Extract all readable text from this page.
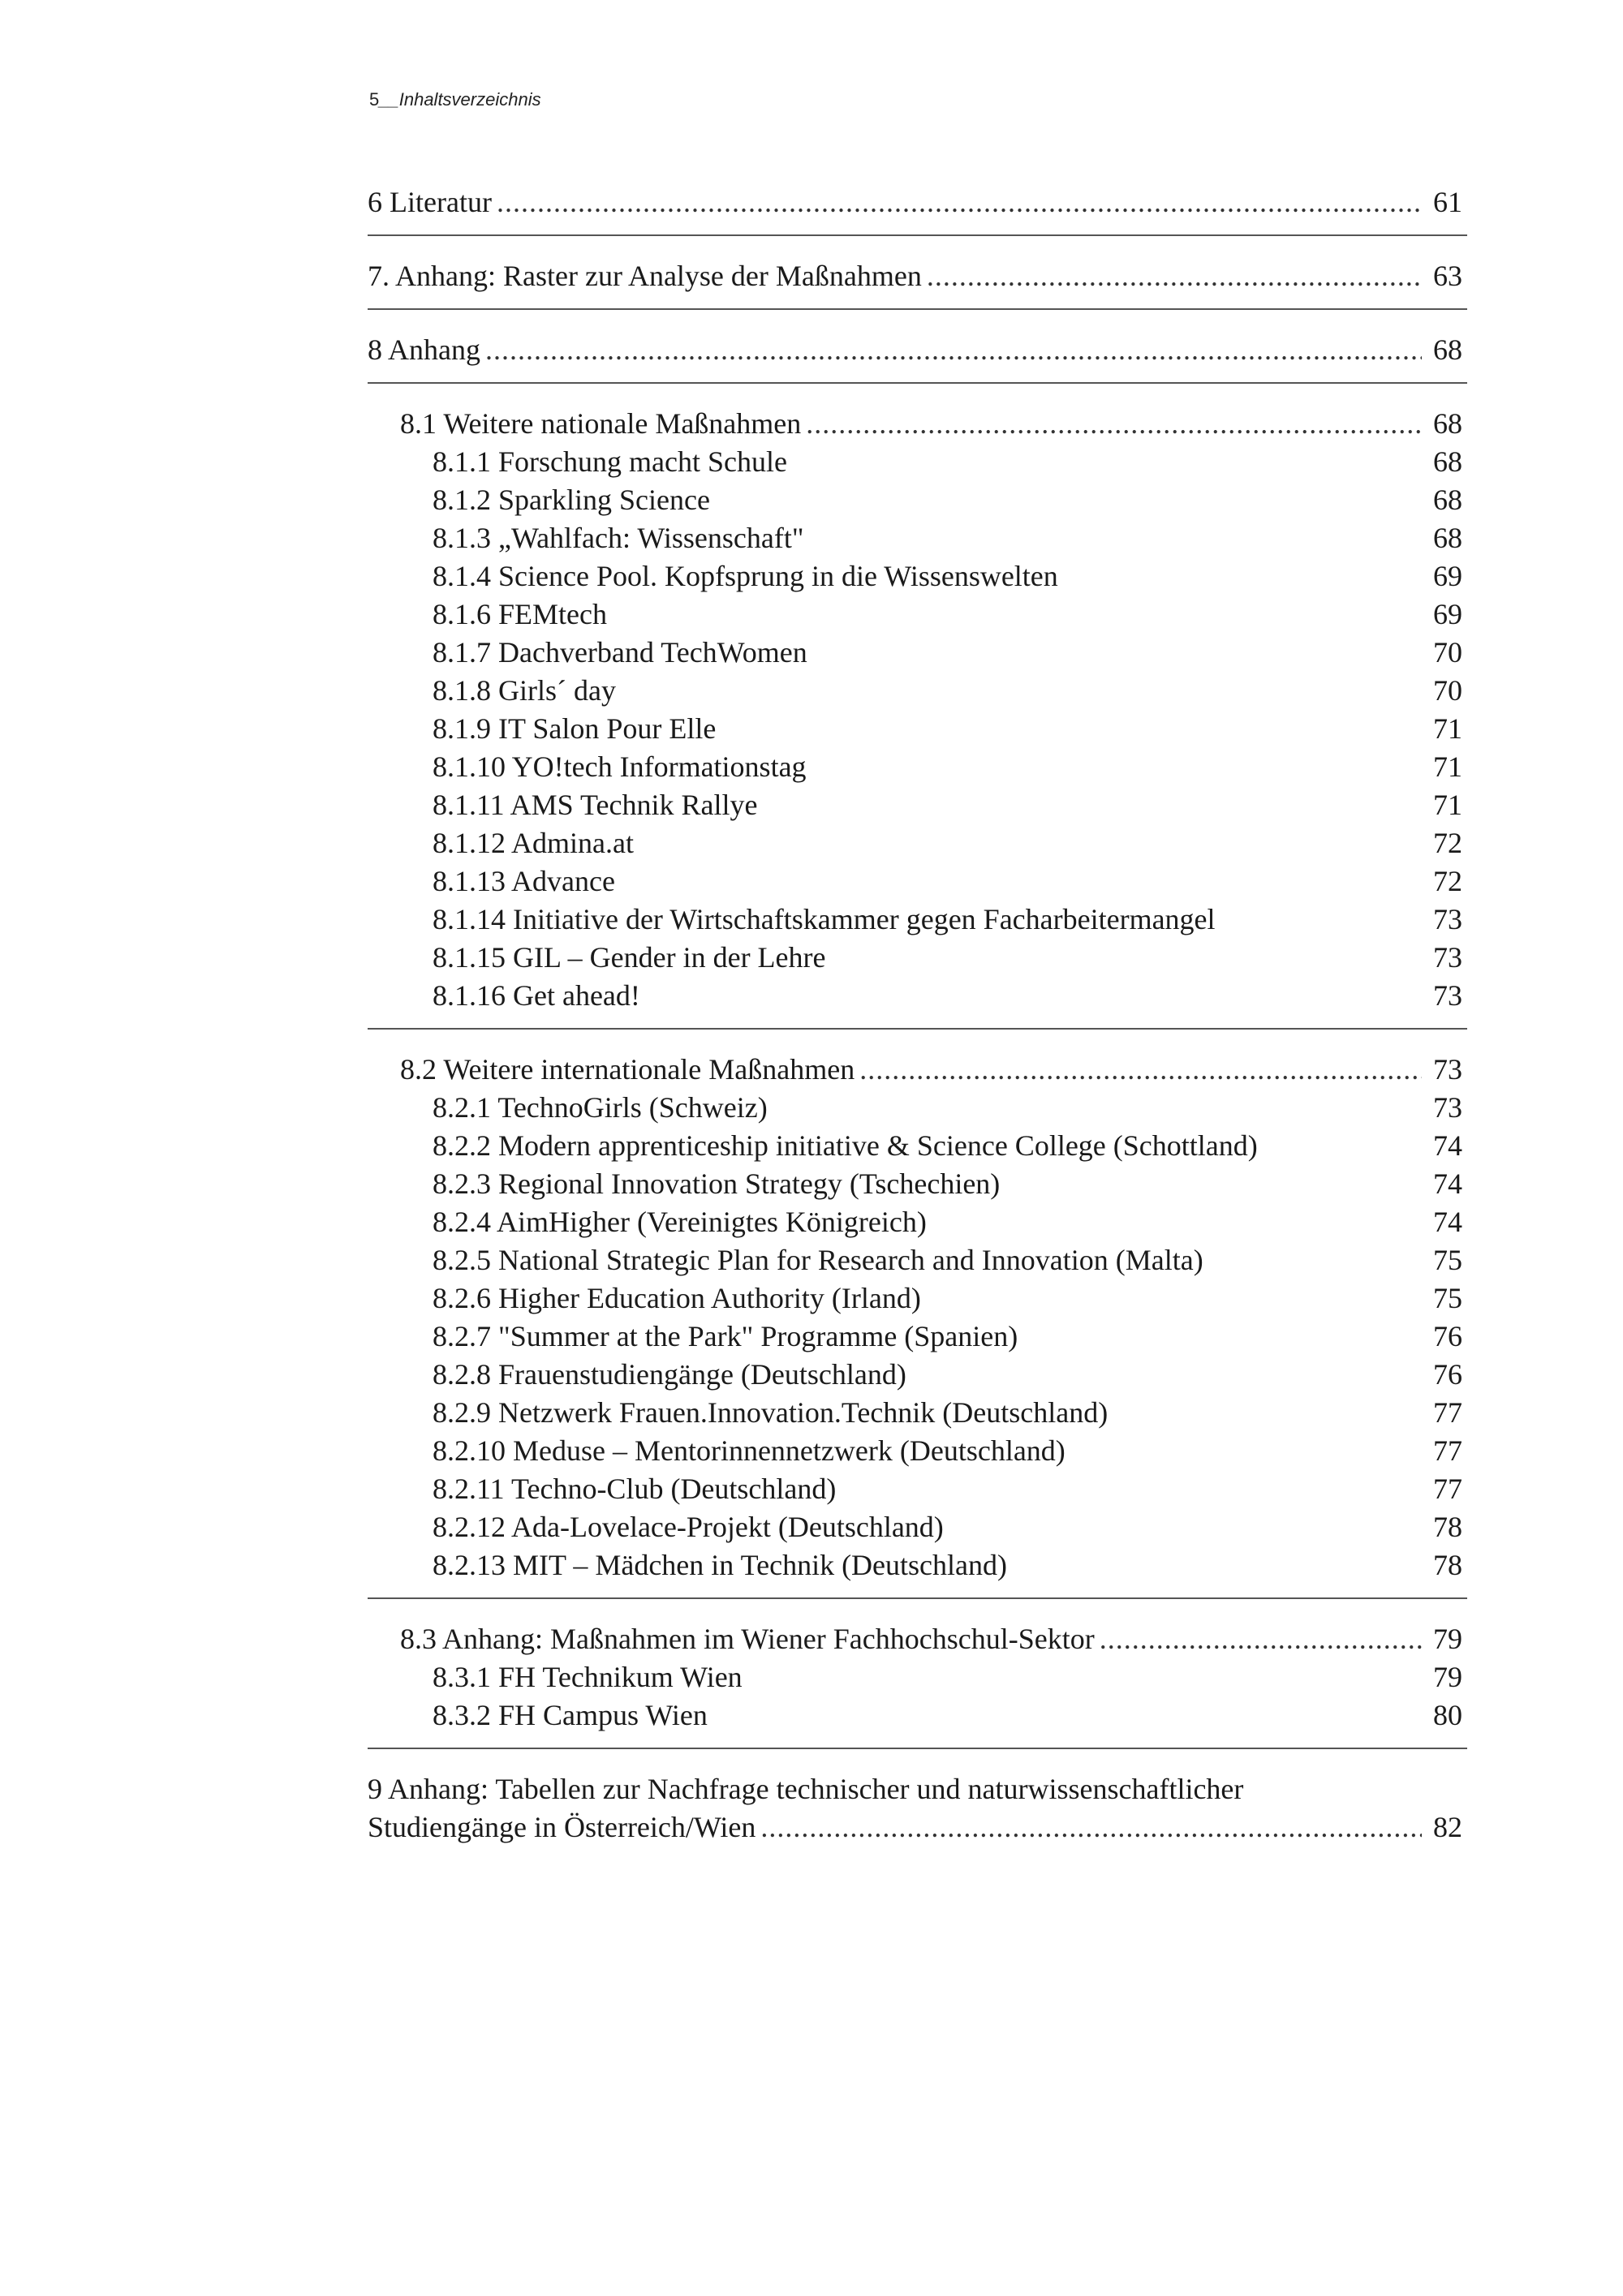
5__Inhaltsverzeichnis
6 Literatur .....	61
7. Anhang: Raster zur Analyse der Maßnahmen .....	63
8 Anhang .....	68
8.1 Weitere nationale Maßnahmen .....	68
8.1.1 Forschung macht Schule	68
8.1.2 Sparkling Science	68
8.1.3 „Wahlfach: Wissenschaft"	68
8.1.4 Science Pool. Kopfsprung in die Wissenswelten	69
8.1.6 FEMtech	69
8.1.7 Dachverband TechWomen	70
8.1.8 Girls´ day	70
8.1.9 IT Salon Pour Elle	71
8.1.10 YO!tech Informationstag	71
8.1.11 AMS Technik Rallye	71
8.1.12 Admina.at	72
8.1.13 Advance	72
8.1.14 Initiative der Wirtschaftskammer gegen Facharbeitermangel	73
8.1.15 GIL – Gender in der Lehre	73
8.1.16 Get ahead!	73
8.2 Weitere internationale Maßnahmen .....	73
8.2.1 TechnoGirls (Schweiz)	73
8.2.2 Modern apprenticeship initiative & Science College (Schottland)	74
8.2.3 Regional Innovation Strategy (Tschechien)	74
8.2.4 AimHigher (Vereinigtes Königreich)	74
8.2.5 National Strategic Plan for Research and Innovation (Malta)	75
8.2.6 Higher Education Authority (Irland)	75
8.2.7 "Summer at the Park" Programme (Spanien)	76
8.2.8 Frauenstudiengänge (Deutschland)	76
8.2.9 Netzwerk Frauen.Innovation.Technik (Deutschland)	77
8.2.10 Meduse – Mentorinnennetzwerk (Deutschland)	77
8.2.11 Techno-Club (Deutschland)	77
8.2.12 Ada-Lovelace-Projekt (Deutschland)	78
8.2.13 MIT – Mädchen in Technik (Deutschland)	78
8.3 Anhang: Maßnahmen im Wiener Fachhochschul-Sektor .....	79
8.3.1 FH Technikum Wien	79
8.3.2 FH Campus Wien	80
9 Anhang: Tabellen zur Nachfrage technischer und naturwissenschaftlicher
Studiengänge in Österreich/Wien .....	82
